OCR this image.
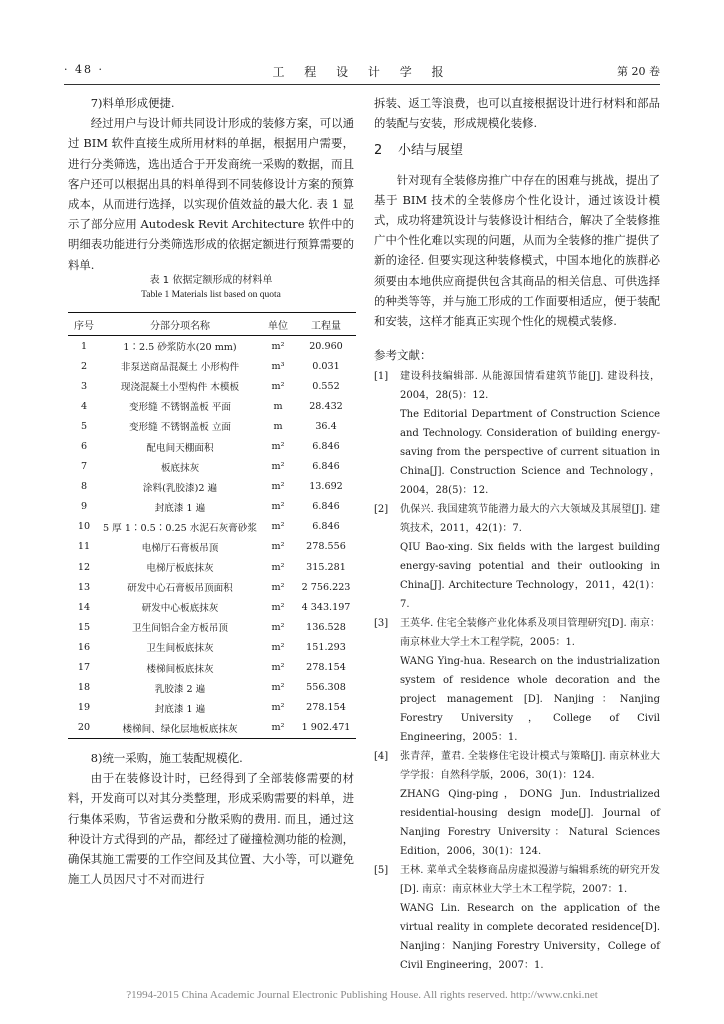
· 48 ·	工 程 设 计 学 报	第 20 卷

7)料单形成便捷.

经过用户与设计师共同设计形成的装修方案，可以通过 BIM 软件直接生成所用材料的单据，根据用户需要，进行分类筛选，选出适合于开发商统一采购的数据，而且客户还可以根据出具的料单得到不同装修设计方案的预算成本，从而进行选择，以实现价值效益的最大化. 表 1 显示了部分应用 Autodesk Revit Architecture 软件中的明细表功能进行分类筛选形成的依据定额进行预算需要的料单.

表 1 依据定额形成的材料单
Table 1 Materials list based on quota
序号	分部分项名称	单位	工程量
1	1∶2.5 砂浆防水(20 mm)	m²	20.960
2	非泵送商品混凝土 小形构件	m³	0.031
3	现浇混凝土小型构件 木模板	m²	0.552
4	变形缝 不锈钢盖板 平面	m	28.432
5	变形缝 不锈钢盖板 立面	m	36.4
6	配电间天棚面积	m²	6.846
7	板底抹灰	m²	6.846
8	涂料(乳胶漆)2 遍	m²	13.692
9	封底漆 1 遍	m²	6.846
10	5 厚 1∶0.5∶0.25 水泥石灰膏砂浆	m²	6.846
11	电梯厅石膏板吊顶	m²	278.556
12	电梯厅板底抹灰	m²	315.281
13	研发中心石膏板吊顶面积	m²	2 756.223
14	研发中心板底抹灰	m²	4 343.197
15	卫生间铝合金方板吊顶	m²	136.528
16	卫生间板底抹灰	m²	151.293
17	楼梯间板底抹灰	m²	278.154
18	乳胶漆 2 遍	m²	556.308
19	封底漆 1 遍	m²	278.154
20	楼梯间、绿化层地板底抹灰	m²	1 902.471

8)统一采购，施工装配规模化.

由于在装修设计时，已经得到了全部装修需要的材料，开发商可以对其分类整理，形成采购需要的料单，进行集体采购，节省运费和分散采购的费用. 而且，通过这种设计方式得到的产品，都经过了碰撞检测功能的检测，确保其施工需要的工作空间及其位置、大小等，可以避免施工人员因尺寸不对而进行

拆装、返工等浪费，也可以直接根据设计进行材料和部品的装配与安装，形成规模化装修.

2 小结与展望

针对现有全装修房推广中存在的困难与挑战，提出了基于 BIM 技术的全装修房个性化设计，通过该设计模式，成功将建筑设计与装修设计相结合，解决了全装修推广中个性化难以实现的问题，从而为全装修的推广提供了新的途径. 但要实现这种装修模式，中国本地化的族群必须要由本地供应商提供包含其商品的相关信息、可供选择的种类等等，并与施工形成的工作面要相适应，便于装配和安装，这样才能真正实现个性化的规模式装修.

参考文献：
[1]	建设科技编辑部. 从能源国情看建筑节能[J]. 建设科技，2004，28(5)：12.
The Editorial Department of Construction Science and Technology. Consideration of building energy-saving from the perspective of current situation in China[J]. Construction Science and Technology，2004，28(5)：12.
[2]	仇保兴. 我国建筑节能潜力最大的六大领域及其展望[J]. 建筑技术，2011，42(1)：7.
QIU Bao-xing. Six fields with the largest building energy-saving potential and their outlooking in China[J]. Architecture Technology，2011，42(1)：7.
[3]	王英华. 住宅全装修产业化体系及项目管理研究[D]. 南京：南京林业大学土木工程学院，2005：1.
WANG Ying-hua. Research on the industrialization system of residence whole decoration and the project management [D]. Nanjing：Nanjing Forestry University，College of Civil Engineering，2005：1.
[4]	张青萍，董君. 全装修住宅设计模式与策略[J]. 南京林业大学学报：自然科学版，2006，30(1)：124.
ZHANG Qing-ping，DONG Jun. Industrialized residential-housing design mode[J]. Journal of Nanjing Forestry University：Natural Sciences Edition，2006，30(1)：124.
[5]	王林. 菜单式全装修商品房虚拟漫游与编辑系统的研究开发[D]. 南京：南京林业大学土木工程学院，2007：1.
WANG Lin. Research on the application of the virtual reality in complete decorated residence[D]. Nanjing：Nanjing Forestry University，College of Civil Engineering，2007：1.
?1994-2015 China Academic Journal Electronic Publishing House. All rights reserved. http://www.cnki.net
